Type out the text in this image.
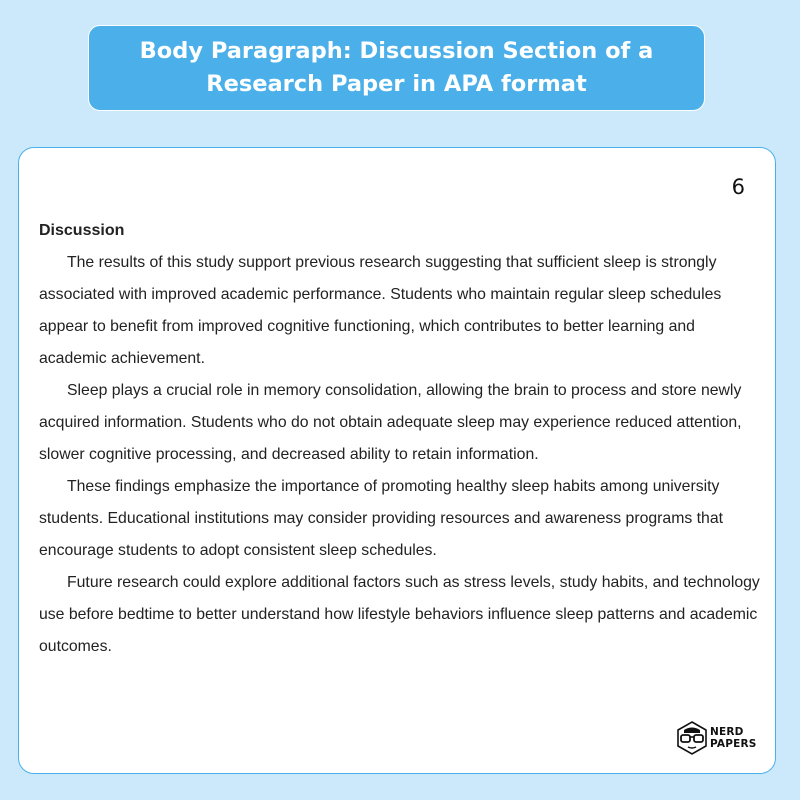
Body Paragraph: Discussion Section of a
Research Paper in APA format
6

Discussion

The results of this study support previous research suggesting that sufficient sleep is strongly associated with improved academic performance. Students who maintain regular sleep schedules appear to benefit from improved cognitive functioning, which contributes to better learning and academic achievement.

Sleep plays a crucial role in memory consolidation, allowing the brain to process and store newly acquired information. Students who do not obtain adequate sleep may experience reduced attention, slower cognitive processing, and decreased ability to retain information.

These findings emphasize the importance of promoting healthy sleep habits among university students. Educational institutions may consider providing resources and awareness programs that encourage students to adopt consistent sleep schedules.

Future research could explore additional factors such as stress levels, study habits, and technology use before bedtime to better understand how lifestyle behaviors influence sleep patterns and academic outcomes.

NERD
PAPERS
